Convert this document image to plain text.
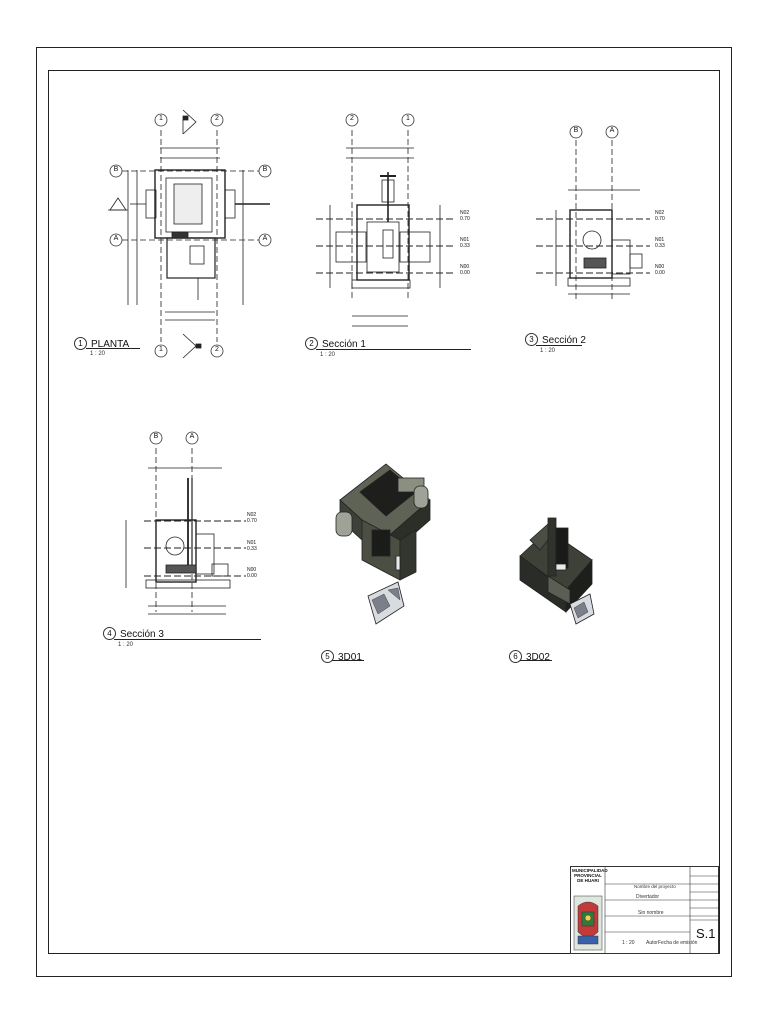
1	2
1	2
B	B
A	A
2	1
B	A
B	A
N02
0.70
N01
0.33
N00
0.00
N02
0.70
N01
0.33
N00
0.00
N02
0.70
N01
0.33
N00
0.00
1 PLANTA
1 : 20
2 Sección 1
1 : 20
3 Sección 2
1 : 20
4 Sección 3
1 : 20
5 3D01	6 3D02
MUNICIPALIDAD PROVINCIAL DE HUARI
Nombre del proyecto
Divertador
Sin nombre
1 : 20 Autor Fecha de emisión
S.1
